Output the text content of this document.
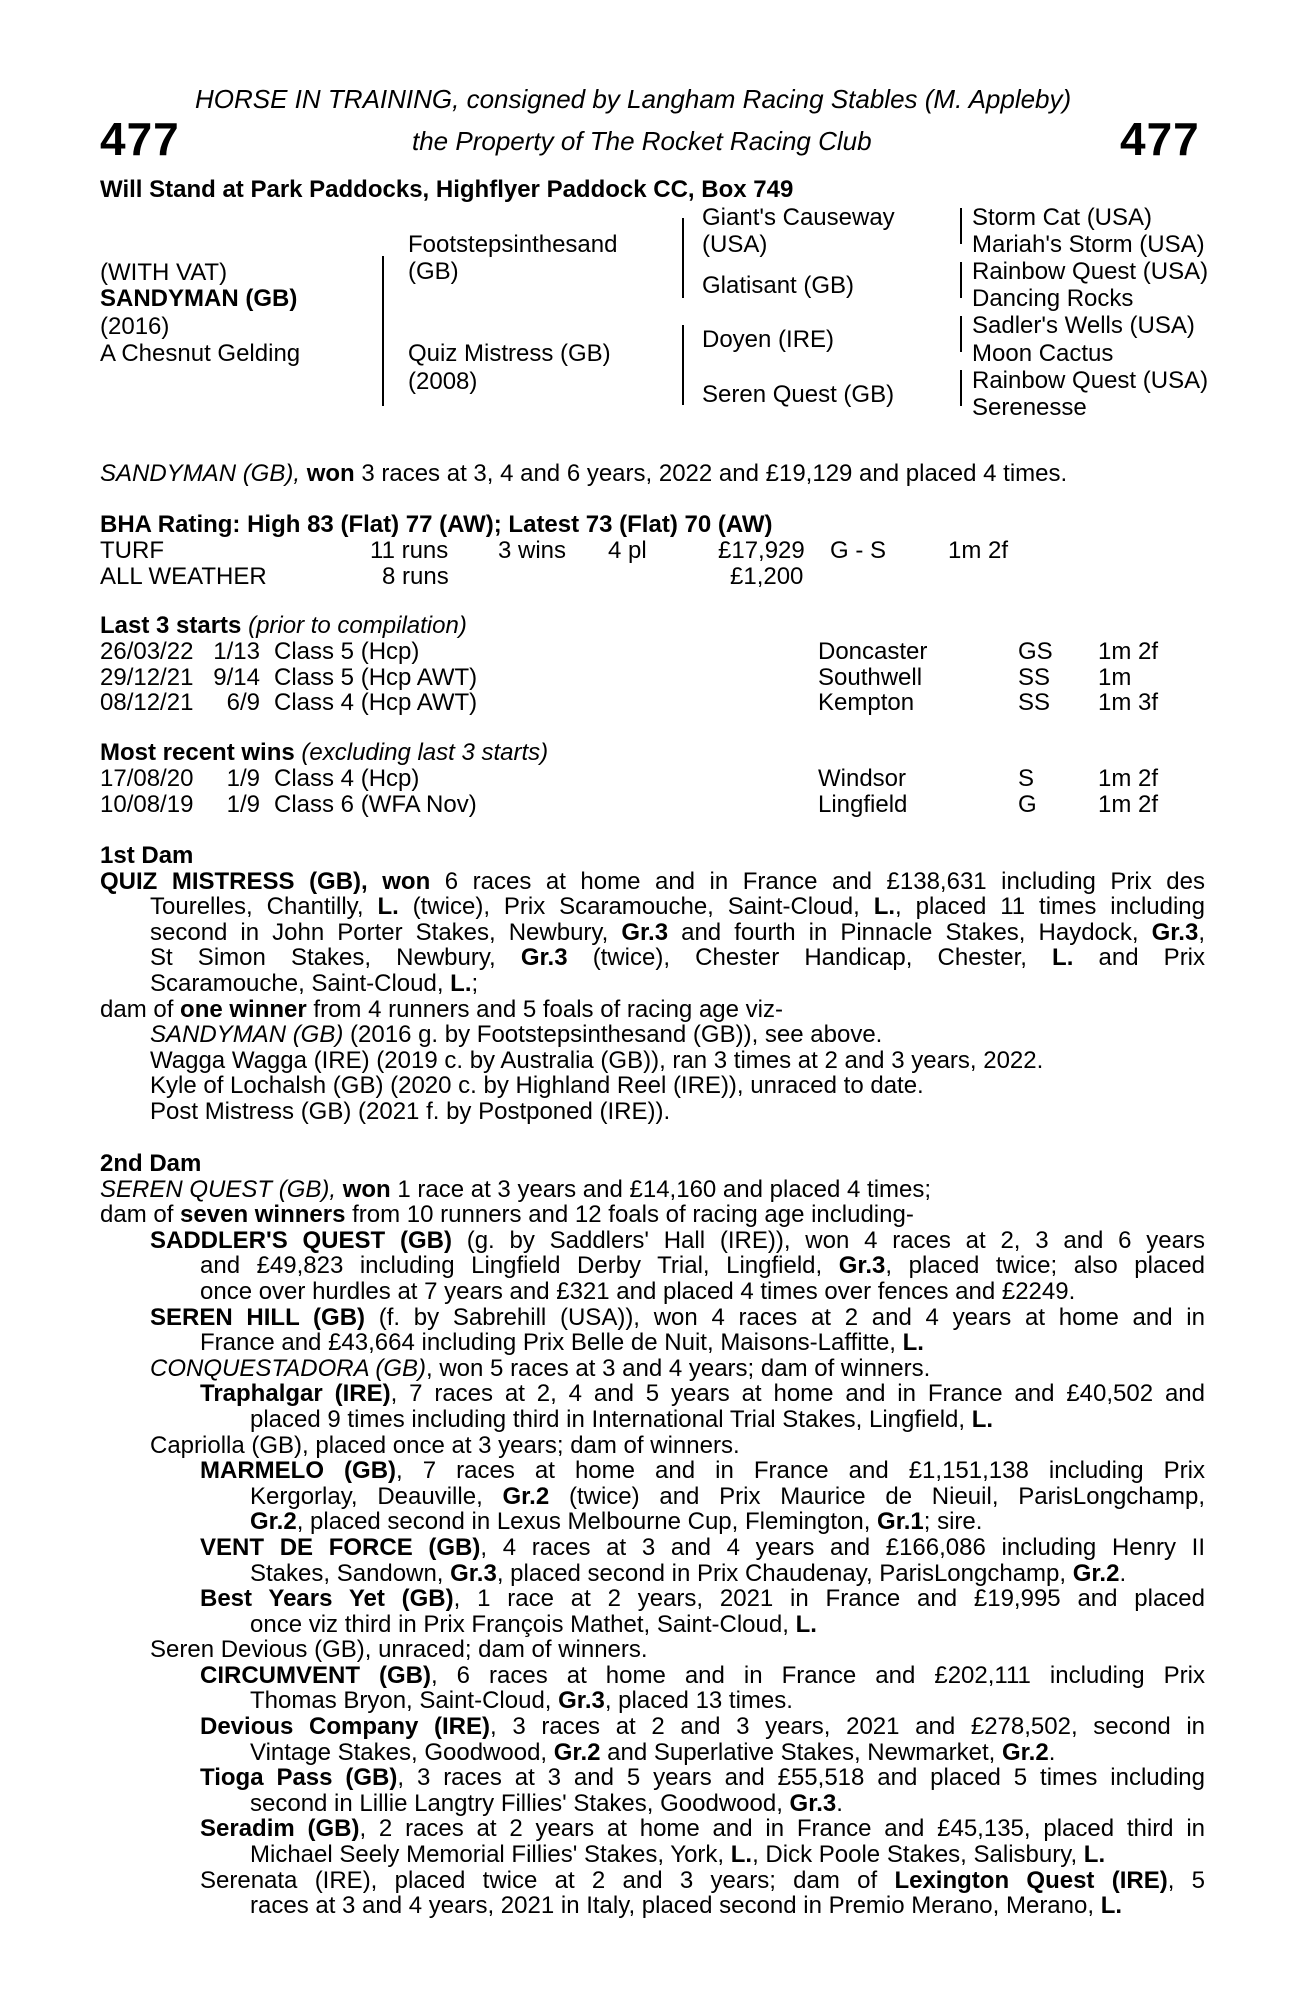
HORSE IN TRAINING, consigned by Langham Racing Stables (M. Appleby)
477	the Property of The Rocket Racing Club	477
Will Stand at Park Paddocks, Highflyer Paddock CC, Box 749
(WITH VAT)
SANDYMAN (GB)
(2016)
A Chesnut Gelding
Footstepsinthesand
(GB)
Quiz Mistress (GB)
(2008)
Giant's Causeway
(USA)
Glatisant (GB)
Doyen (IRE)
Seren Quest (GB)
Storm Cat (USA)
Mariah's Storm (USA)
Rainbow Quest (USA)
Dancing Rocks
Sadler's Wells (USA)
Moon Cactus
Rainbow Quest (USA)
Serenesse
SANDYMAN (GB), won 3 races at 3, 4 and 6 years, 2022 and £19,129 and placed 4 times.
BHA Rating: High 83 (Flat) 77 (AW); Latest 73 (Flat) 70 (AW)
TURF	11 runs	3 wins	4 pl	£17,929	G - S	1m 2f
ALL WEATHER	8 runs			£1,200		
Last 3 starts (prior to compilation)
26/03/22	1/13	Class 5 (Hcp)	Doncaster	GS	1m 2f
29/12/21	9/14	Class 5 (Hcp AWT)	Southwell	SS	1m
08/12/21	6/9	Class 4 (Hcp AWT)	Kempton	SS	1m 3f
Most recent wins (excluding last 3 starts)
17/08/20	1/9	Class 4 (Hcp)	Windsor	S	1m 2f
10/08/19	1/9	Class 6 (WFA Nov)	Lingfield	G	1m 2f
1st Dam
QUIZ MISTRESS (GB), won 6 races at home and in France and £138,631 including Prix des
Tourelles, Chantilly, L. (twice), Prix Scaramouche, Saint-Cloud, L., placed 11 times including
second in John Porter Stakes, Newbury, Gr.3 and fourth in Pinnacle Stakes, Haydock, Gr.3,
St Simon Stakes, Newbury, Gr.3 (twice), Chester Handicap, Chester, L. and Prix
Scaramouche, Saint-Cloud, L.;
dam of one winner from 4 runners and 5 foals of racing age viz-
SANDYMAN (GB) (2016 g. by Footstepsinthesand (GB)), see above.
Wagga Wagga (IRE) (2019 c. by Australia (GB)), ran 3 times at 2 and 3 years, 2022.
Kyle of Lochalsh (GB) (2020 c. by Highland Reel (IRE)), unraced to date.
Post Mistress (GB) (2021 f. by Postponed (IRE)).
2nd Dam
SEREN QUEST (GB), won 1 race at 3 years and £14,160 and placed 4 times;
dam of seven winners from 10 runners and 12 foals of racing age including-
SADDLER'S QUEST (GB) (g. by Saddlers' Hall (IRE)), won 4 races at 2, 3 and 6 years
and £49,823 including Lingfield Derby Trial, Lingfield, Gr.3, placed twice; also placed
once over hurdles at 7 years and £321 and placed 4 times over fences and £2249.
SEREN HILL (GB) (f. by Sabrehill (USA)), won 4 races at 2 and 4 years at home and in
France and £43,664 including Prix Belle de Nuit, Maisons-Laffitte, L.
CONQUESTADORA (GB), won 5 races at 3 and 4 years; dam of winners.
Traphalgar (IRE), 7 races at 2, 4 and 5 years at home and in France and £40,502 and
placed 9 times including third in International Trial Stakes, Lingfield, L.
Capriolla (GB), placed once at 3 years; dam of winners.
MARMELO (GB), 7 races at home and in France and £1,151,138 including Prix
Kergorlay, Deauville, Gr.2 (twice) and Prix Maurice de Nieuil, ParisLongchamp,
Gr.2, placed second in Lexus Melbourne Cup, Flemington, Gr.1; sire.
VENT DE FORCE (GB), 4 races at 3 and 4 years and £166,086 including Henry II
Stakes, Sandown, Gr.3, placed second in Prix Chaudenay, ParisLongchamp, Gr.2.
Best Years Yet (GB), 1 race at 2 years, 2021 in France and £19,995 and placed
once viz third in Prix François Mathet, Saint-Cloud, L.
Seren Devious (GB), unraced; dam of winners.
CIRCUMVENT (GB), 6 races at home and in France and £202,111 including Prix
Thomas Bryon, Saint-Cloud, Gr.3, placed 13 times.
Devious Company (IRE), 3 races at 2 and 3 years, 2021 and £278,502, second in
Vintage Stakes, Goodwood, Gr.2 and Superlative Stakes, Newmarket, Gr.2.
Tioga Pass (GB), 3 races at 3 and 5 years and £55,518 and placed 5 times including
second in Lillie Langtry Fillies' Stakes, Goodwood, Gr.3.
Seradim (GB), 2 races at 2 years at home and in France and £45,135, placed third in
Michael Seely Memorial Fillies' Stakes, York, L., Dick Poole Stakes, Salisbury, L.
Serenata (IRE), placed twice at 2 and 3 years; dam of Lexington Quest (IRE), 5
races at 3 and 4 years, 2021 in Italy, placed second in Premio Merano, Merano, L.
